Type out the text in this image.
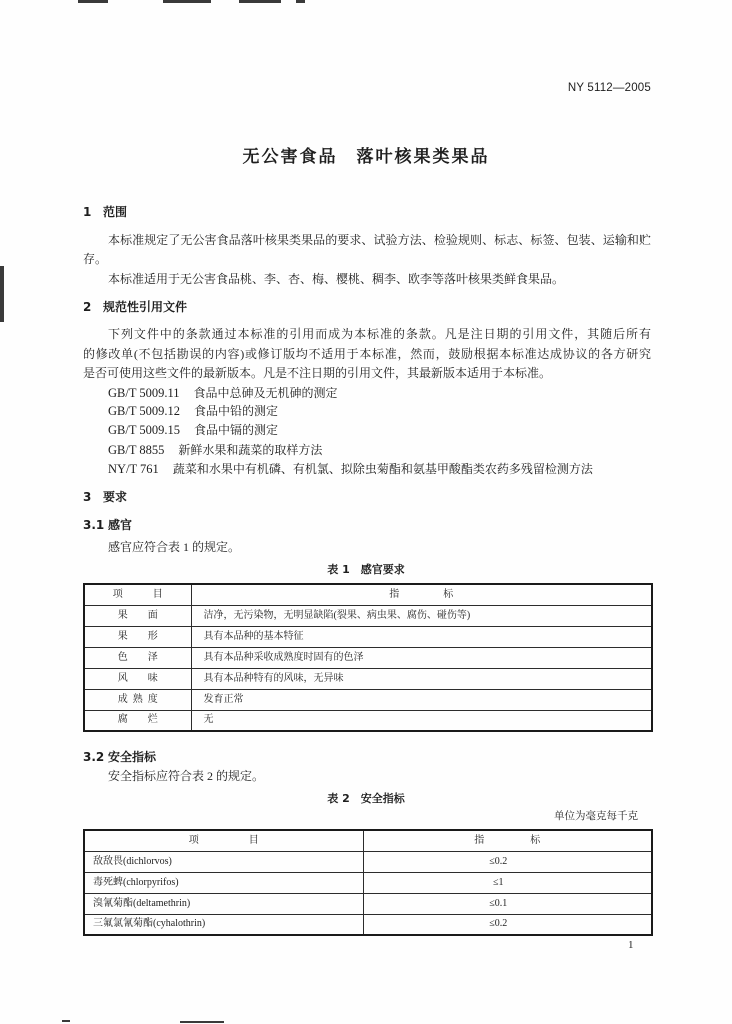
NY 5112—2005
无公害食品　落叶核果类果品
1 范围
本标准规定了无公害食品落叶核果类果品的要求、试验方法、检验规则、标志、标签、包装、运输和贮
存。
本标准适用于无公害食品桃、李、杏、梅、樱桃、稠李、欧李等落叶核果类鲜食果品。
2 规范性引用文件
下列文件中的条款通过本标准的引用而成为本标准的条款。凡是注日期的引用文件，其随后所有
的修改单(不包括勘误的内容)或修订版均不适用于本标准，然而，鼓励根据本标准达成协议的各方研究
是否可使用这些文件的最新版本。凡是不注日期的引用文件，其最新版本适用于本标准。
GB/T 5009.11 食品中总砷及无机砷的测定
GB/T 5009.12 食品中铅的测定
GB/T 5009.15 食品中镉的测定
GB/T 8855 新鲜水果和蔬菜的取样方法
NY/T 761 蔬菜和水果中有机磷、有机氯、拟除虫菊酯和氨基甲酸酯类农药多残留检测方法
3 要求
3.1 感官
感官应符合表 1 的规定。
表 1　感官要求
项　目	指　标
果　面	洁净，无污染物，无明显缺陷(裂果、病虫果、腐伤、碰伤等)
果　形	具有本品种的基本特征
色　泽	具有本品种采收成熟度时固有的色泽
风　味	具有本品种特有的风味，无异味
成熟度	发育正常
腐　烂	无
3.2 安全指标
安全指标应符合表 2 的规定。
表 2　安全指标
单位为毫克每千克
项　目	指　标
敌敌畏(dichlorvos)	≤0.2
毒死蜱(chlorpyrifos)	≤1
溴氰菊酯(deltamethrin)	≤0.1
三氟氯氰菊酯(cyhalothrin)	≤0.2
1
